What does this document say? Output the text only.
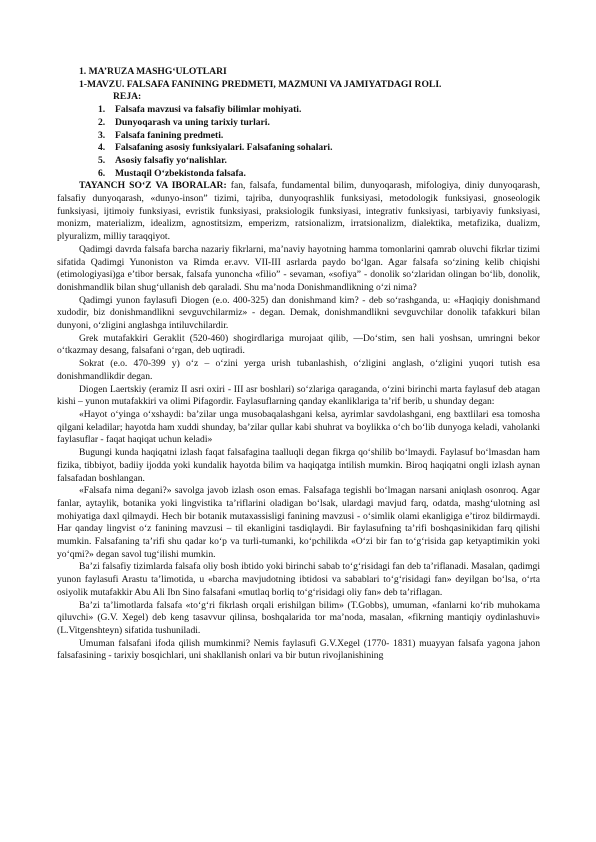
1. MA’RUZA MASHG‘ULOTLARI

1-MAVZU. FALSAFA FANINING PREDMETI, MAZMUNI VA JAMIYATDAGI ROLI.

REJA:

1.	Falsafa mavzusi va falsafiy bilimlar mohiyati.
2.	Dunyoqarash va uning tarixiy turlari.
3.	Falsafa fanining predmeti.
4.	Falsafaning asosiy funksiyalari. Falsafaning sohalari.
5.	Asosiy falsafiy yo‘nalishlar.
6.	Mustaqil O‘zbekistonda falsafa.

TAYANCH SO‘Z VA IBORALAR: fan, falsafa, fundamental bilim, dunyoqarash, mifologiya, diniy dunyoqarash, falsafiy dunyoqarash, «dunyo-inson” tizimi, tajriba, dunyoqrashlik funksiyasi, metodologik funksiyasi, gnoseologik funksiyasi, ijtimoiy funksiyasi, evristik funksiyasi, praksiologik funksiyasi, integrativ funksiyasi, tarbiyaviy funksiyasi, monizm, materializm, idealizm, agnostitsizm, emperizm, ratsionalizm, irratsionalizm, dialektika, metafizika, dualizm, plyuralizm, milliy taraqqiyot.

Qadimgi davrda falsafa barcha nazariy fikrlarni, ma’naviy hayotning hamma tomonlarini qamrab oluvchi fikrlar tizimi sifatida Qadimgi Yunoniston va Rimda er.avv. VII-III asrlarda paydo bo‘lgan. Agar falsafa so‘zining kelib chiqishi (etimologiyasi)ga e’tibor bersak, falsafa yunoncha «filio” - sevaman, «sofiya” - donolik so‘zlaridan olingan bo‘lib, donolik, donishmandlik bilan shug‘ullanish deb qaraladi. Shu ma’noda Donishmandlikning o‘zi nima?

Qadimgi yunon faylasufi Diogen (e.o. 400-325) dan donishmand kim? - deb so‘rashganda, u: «Haqiqiy donishmand xudodir, biz donishmandlikni sevguvchilarmiz» - degan. Demak, donishmandlikni sevguvchilar donolik tafakkuri bilan dunyoni, o‘zligini anglashga intiluvchilardir.

Grek mutafakkiri Geraklit (520-460) shogirdlariga murojaat qilib, ―Do‘stim, sen hali yoshsan, umringni bekor o‘tkazmay desang, falsafani o‘rgan, deb uqtiradi.

Sokrat (e.o. 470-399 y) o‘z – o‘zini yerga urish tubanlashish, o‘zligini anglash, o‘zligini yuqori tutish esa donishmandlikdir degan.

Diogen Laertskiy (eramiz II asri oxiri - III asr boshlari) so‘zlariga qaraganda, o‘zini birinchi marta faylasuf deb atagan kishi – yunon mutafakkiri va olimi Pifagordir. Faylasuflarning qanday ekanliklariga ta’rif berib, u shunday degan:

«Hayot o‘yinga o‘xshaydi: ba’zilar unga musobaqalashgani kelsa, ayrimlar savdolashgani, eng baxtlilari esa tomosha qilgani keladilar; hayotda ham xuddi shunday, ba’zilar qullar kabi shuhrat va boylikka o‘ch bo‘lib dunyoga keladi, vaholanki faylasuflar - faqat haqiqat uchun keladi»

Bugungi kunda haqiqatni izlash faqat falsafagina taalluqli degan fikrga qo‘shilib bo‘lmaydi. Faylasuf bo‘lmasdan ham fizika, tibbiyot, badiiy ijodda yoki kundalik hayotda bilim va haqiqatga intilish mumkin. Biroq haqiqatni ongli izlash aynan falsafadan boshlangan.

«Falsafa nima degani?» savolga javob izlash oson emas. Falsafaga tegishli bo‘lmagan narsani aniqlash osonroq. Agar fanlar, aytaylik, botanika yoki lingvistika ta’riflarini oladigan bo‘lsak, ulardagi mavjud farq, odatda, mashg‘ulotning asl mohiyatiga daxl qilmaydi. Hech bir botanik mutaxassisligi fanining mavzusi - o‘simlik olami ekanligiga e’tiroz bildirmaydi. Har qanday lingvist o‘z fanining mavzusi – til ekanligini tasdiqlaydi. Bir faylasufning ta’rifi boshqasinikidan farq qilishi mumkin. Falsafaning ta’rifi shu qadar ko‘p va turli-tumanki, ko‘pchilikda «O‘zi bir fan to‘g‘risida gap ketyaptimikin yoki yo‘qmi?» degan savol tug‘ilishi mumkin.

Ba’zi falsafiy tizimlarda falsafa oliy bosh ibtido yoki birinchi sabab to‘g‘risidagi fan deb ta’riflanadi. Masalan, qadimgi yunon faylasufi Arastu ta’limotida, u «barcha mavjudotning ibtidosi va sabablari to‘g‘risidagi fan» deyilgan bo‘lsa, o‘rta osiyolik mutafakkir Abu Ali Ibn Sino falsafani «mutlaq borliq to‘g‘risidagi oliy fan» deb ta’riflagan.

Ba’zi ta’limotlarda falsafa «to‘g‘ri fikrlash orqali erishilgan bilim» (T.Gobbs), umuman, «fanlarni ko‘rib muhokama qiluvchi» (G.V. Xegel) deb keng tasavvur qilinsa, boshqalarida tor ma’noda, masalan, «fikrning mantiqiy oydinlashuvi» (L.Vitgenshteyn) sifatida tushuniladi.

Umuman falsafani ifoda qilish mumkinmi? Nemis faylasufi G.V.Xegel (1770- 1831) muayyan falsafa yagona jahon falsafasining - tarixiy bosqichlari, uni shakllanish onlari va bir butun rivojlanishining
